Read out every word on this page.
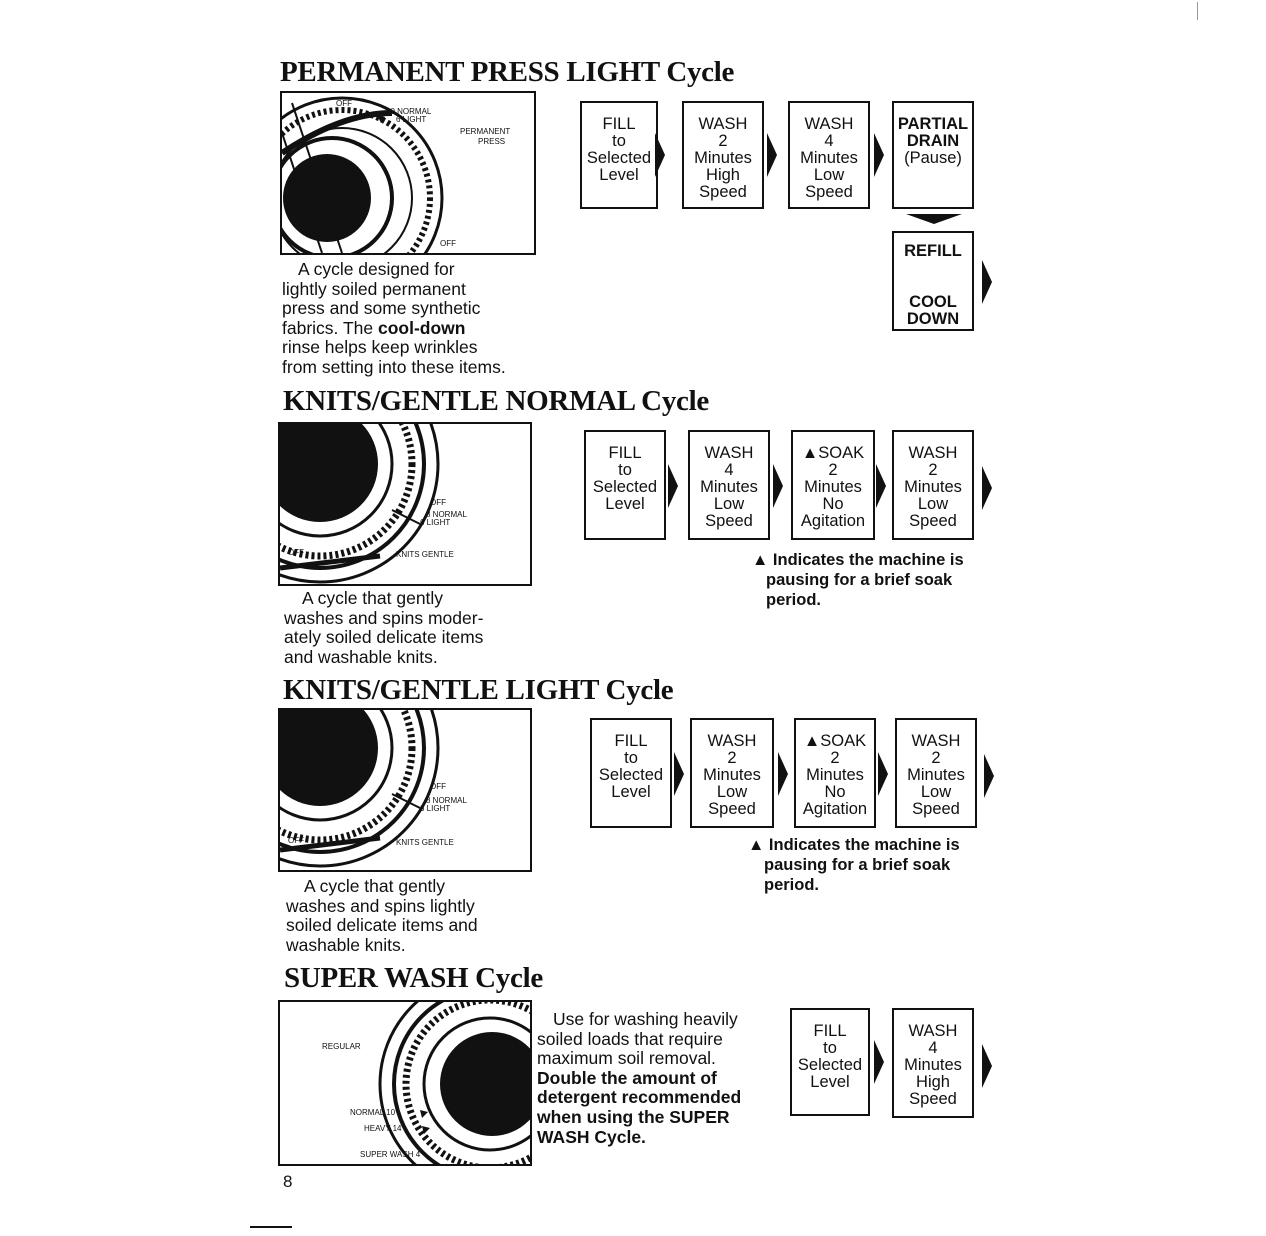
PERMANENT PRESS LIGHT Cycle
OFF
10 NORMAL
6 LIGHT
PERMANENT
PRESS
OFF
A cycle designed for
lightly soiled permanent
press and some synthetic
fabrics. The cool-down
rinse helps keep wrinkles
from setting into these items.
FILL
to
Selected
Level
WASH
2
Minutes
High
Speed
WASH
4
Minutes
Low
Speed
PARTIAL
DRAIN
(Pause)
REFILL
COOL
DOWN
KNITS/GENTLE NORMAL Cycle
OFF
8 NORMAL
6 LIGHT
OFF	KNITS GENTLE
A cycle that gently
washes and spins moder-
ately soiled delicate items
and washable knits.
FILL
to
Selected
Level
WASH
4
Minutes
Low
Speed
▲SOAK
2
Minutes
No
Agitation
WASH
2
Minutes
Low
Speed
▲ Indicates the machine is
pausing for a brief soak
period.
KNITS/GENTLE LIGHT Cycle
OFF
8 NORMAL
6 LIGHT
OFF	KNITS GENTLE
A cycle that gently
washes and spins lightly
soiled delicate items and
washable knits.
FILL
to
Selected
Level
WASH
2
Minutes
Low
Speed
▲SOAK
2
Minutes
No
Agitation
WASH
2
Minutes
Low
Speed
▲ Indicates the machine is
pausing for a brief soak
period.
SUPER WASH Cycle
REGULAR
NORMAL 10
HEAVY 14
SUPER WASH 4
Use for washing heavily
soiled loads that require
maximum soil removal.
Double the amount of
detergent recommended
when using the SUPER
WASH Cycle.
FILL
to
Selected
Level
WASH
4
Minutes
High
Speed
8
